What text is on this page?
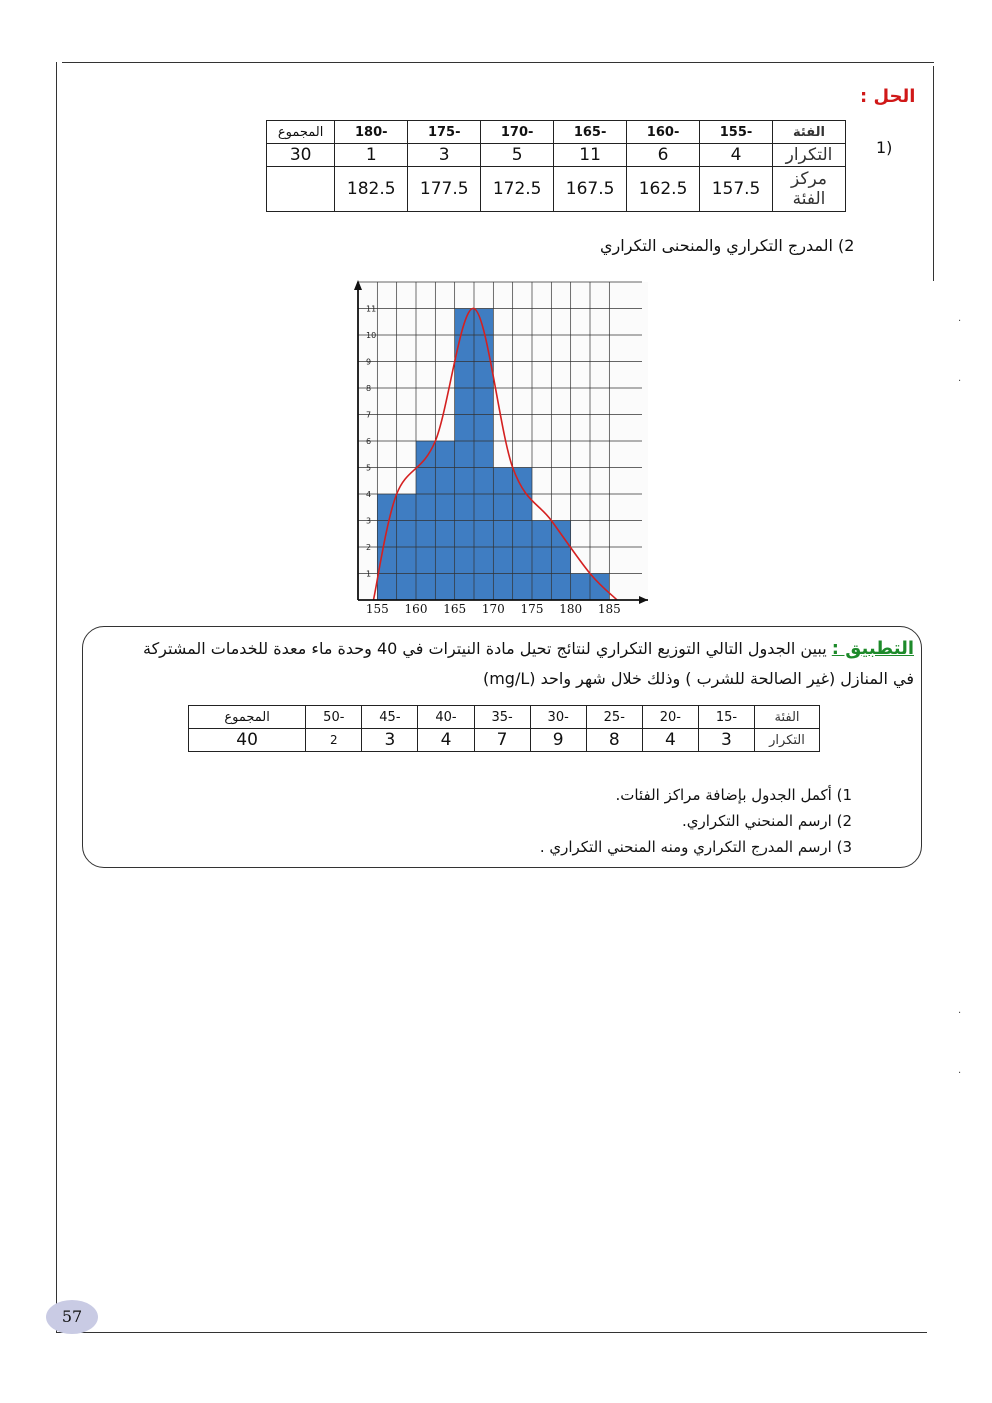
الحل :
1)
الفئة	-155	-160	-165	-170	-175	-180	المجموع
التكرار	4	6	11	5	3	1	30
مركز الفئة	157.5	162.5	167.5	172.5	177.5	182.5	
2) المدرج التكراري والمنحنى التكراري
1
2
3
4
5
6
7
8
9
10
11
155 160 165 170 175 180 185
التطبيق : يبين الجدول التالي التوزيع التكراري لنتائج تحيل مادة النيترات في 40 وحدة ماء معدة للخدمات المشتركة
في المنازل (غير الصالحة للشرب ) وذلك خلال شهر واحد (mg/L)
الفئة	-15	-20	-25	-30	-35	-40	-45	-50	المجموع
التكرار	3	4	8	9	7	4	3	2	40
1) أكمل الجدول بإضافة مراكز الفئات.
2) ارسم المنحني التكراري.
3) ارسم المدرج التكراري ومنه المنحني التكراري .
·
·
·
·
57
